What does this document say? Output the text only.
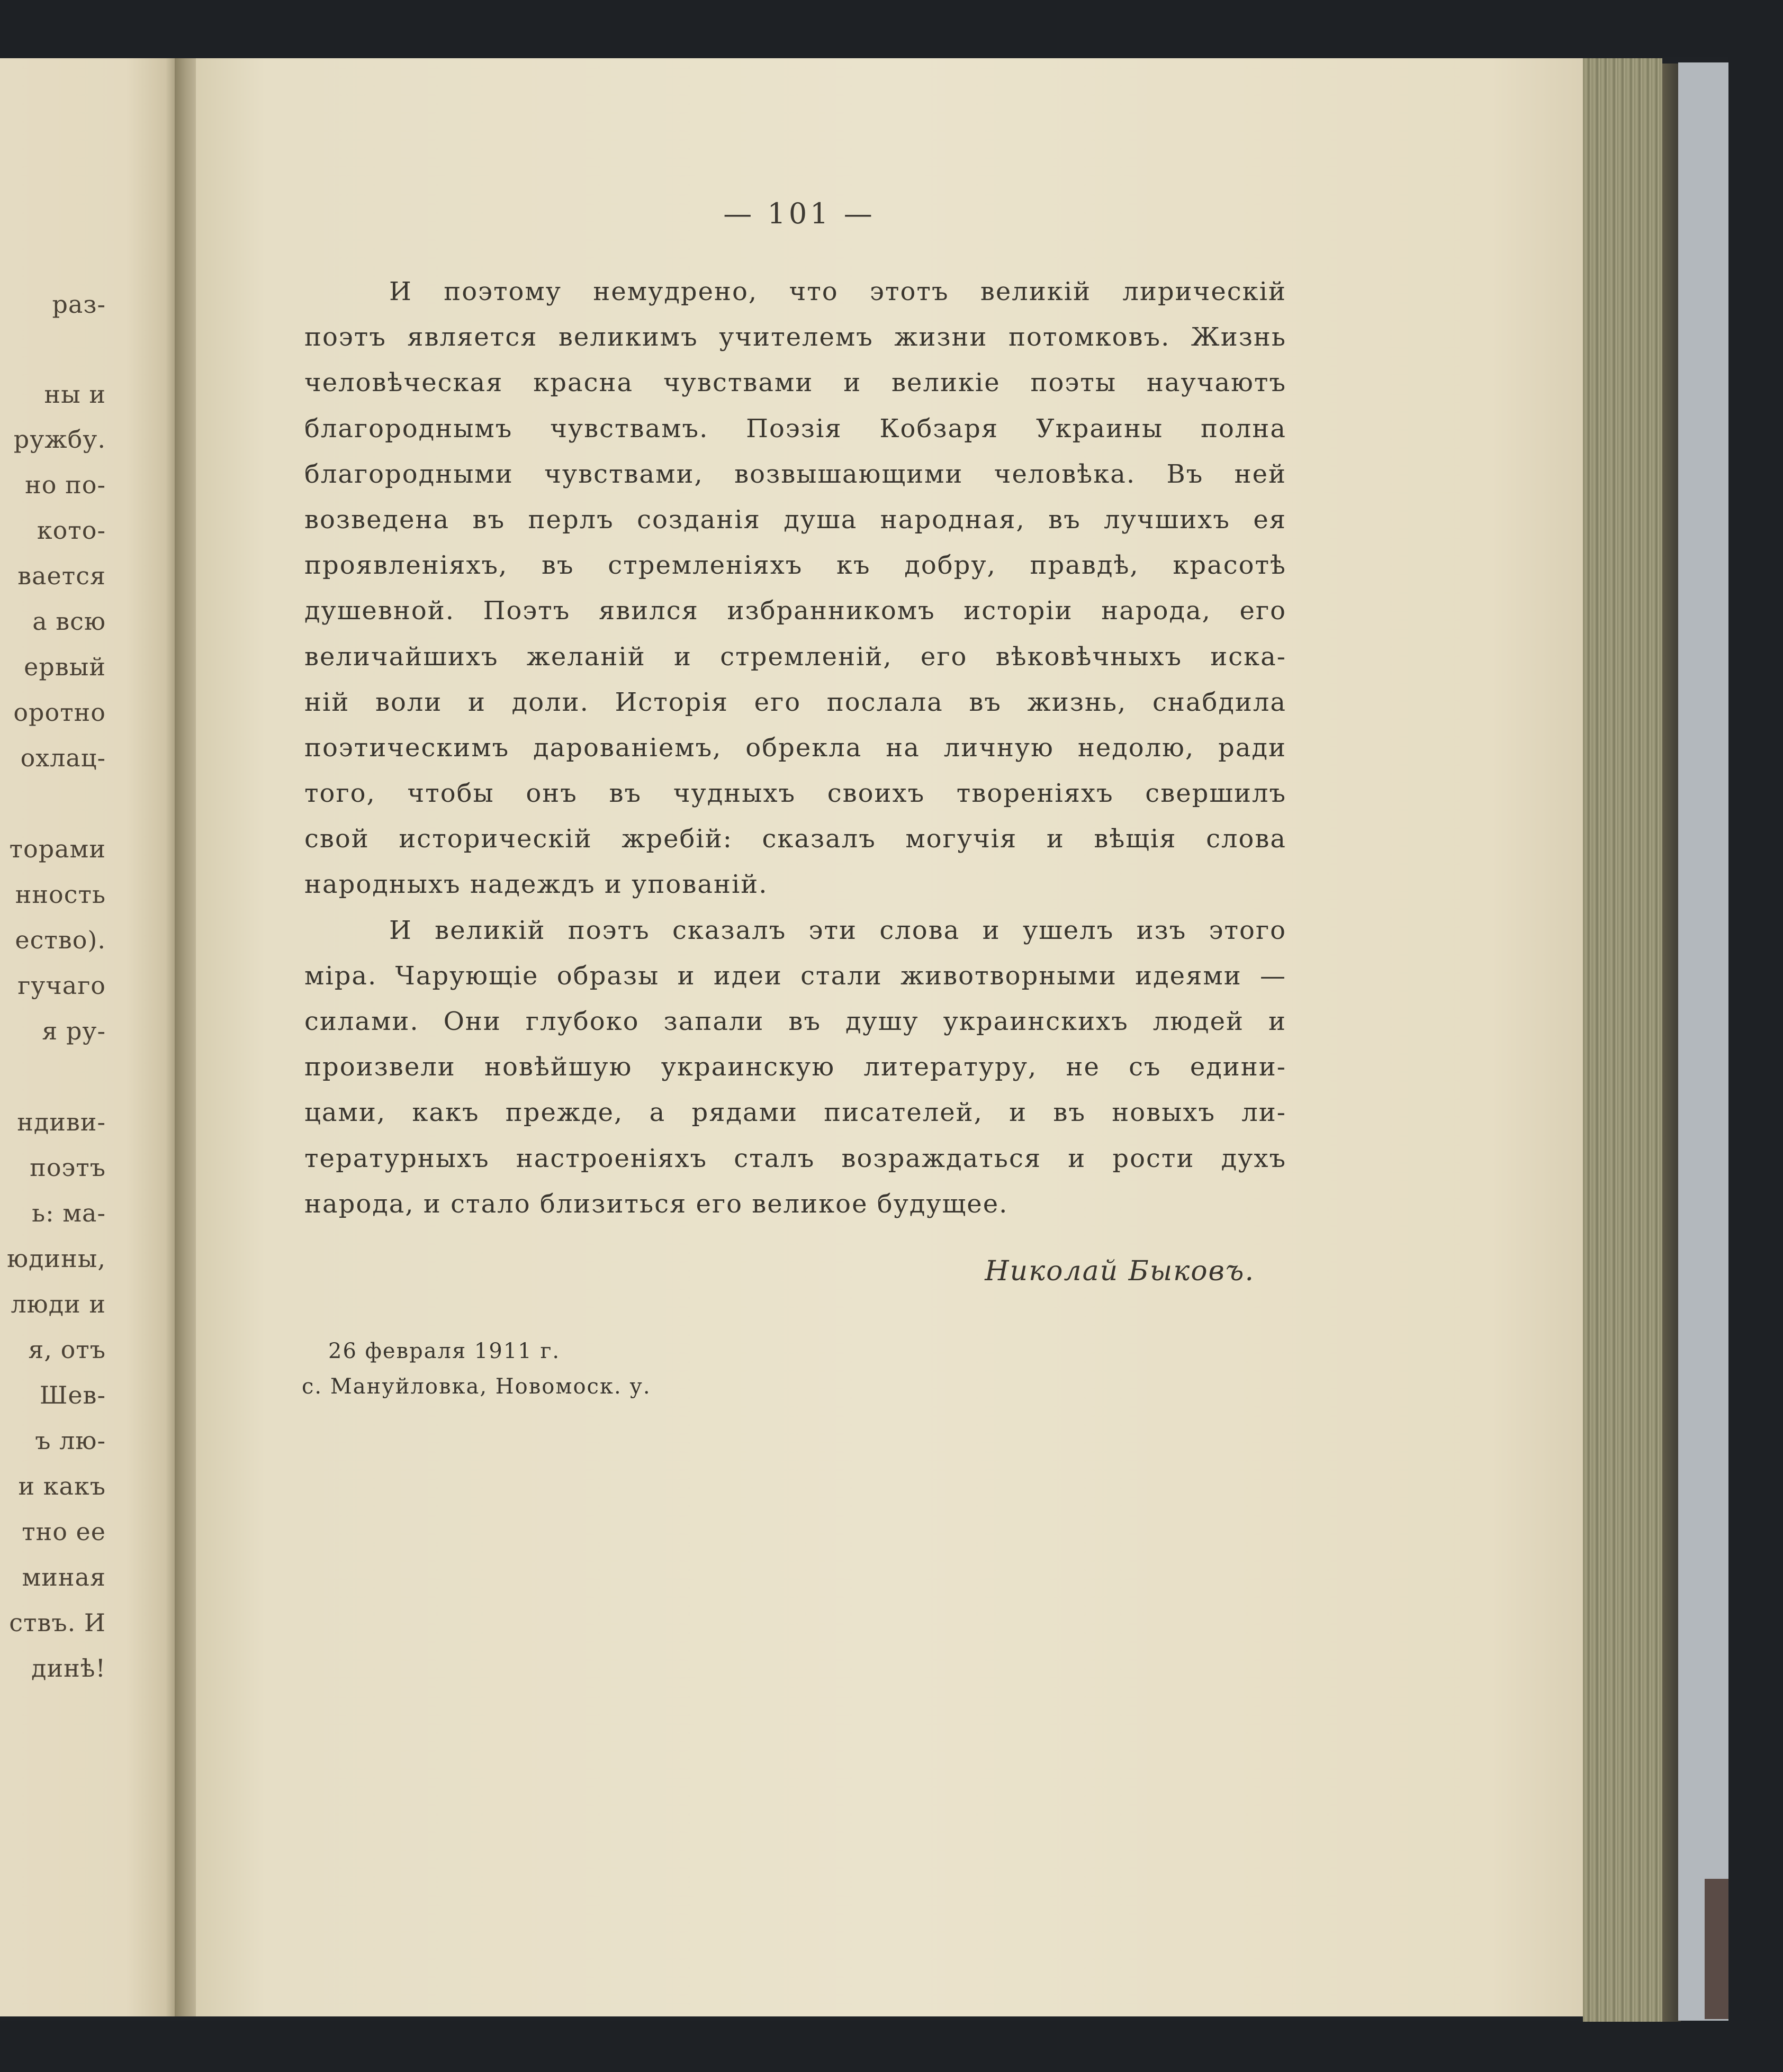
раз-
ны и
ружбу.
но по-
кото-
вается
а всю
ервый
оротно
охлац-
торами
нность
ество).
гучаго
я ру-
ндиви-
поэтъ
ь: ма-
юдины,
люди и
я, отъ
Шев-
ъ лю-
и какъ
тно ее
миная
ствъ. И
динѣ!
— 101 —
И поэтому немудрено, что этотъ великій лирическій
поэтъ является великимъ учителемъ жизни потомковъ. Жизнь
человѣческая красна чувствами и великіе поэты научаютъ
благороднымъ чувствамъ. Поэзія Кобзаря Украины полна
благородными чувствами, возвышающими человѣка. Въ ней
возведена въ перлъ созданія душа народная, въ лучшихъ ея
проявленіяхъ, въ стремленіяхъ къ добру, правдѣ, красотѣ
душевной. Поэтъ явился избранникомъ исторіи народа, его
величайшихъ желаній и стремленій, его вѣковѣчныхъ иска-
ній воли и доли. Исторія его послала въ жизнь, снабдила
поэтическимъ дарованіемъ, обрекла на личную недолю, ради
того, чтобы онъ въ чудныхъ своихъ твореніяхъ свершилъ
свой историческій жребій: сказалъ могучія и вѣщія слова
народныхъ надеждъ и упованій.
И великій поэтъ сказалъ эти слова и ушелъ изъ этого
міра. Чарующіе образы и идеи стали животворными идеями —
силами. Они глубоко запали въ душу украинскихъ людей и
произвели новѣйшую украинскую литературу, не съ едини-
цами, какъ прежде, а рядами писателей, и въ новыхъ ли-
тературныхъ настроеніяхъ сталъ возраждаться и рости духъ
народа, и стало близиться его великое будущее.
Николай Быковъ.
26 февраля 1911 г.
с. Мануйловка, Новомоск. у.
